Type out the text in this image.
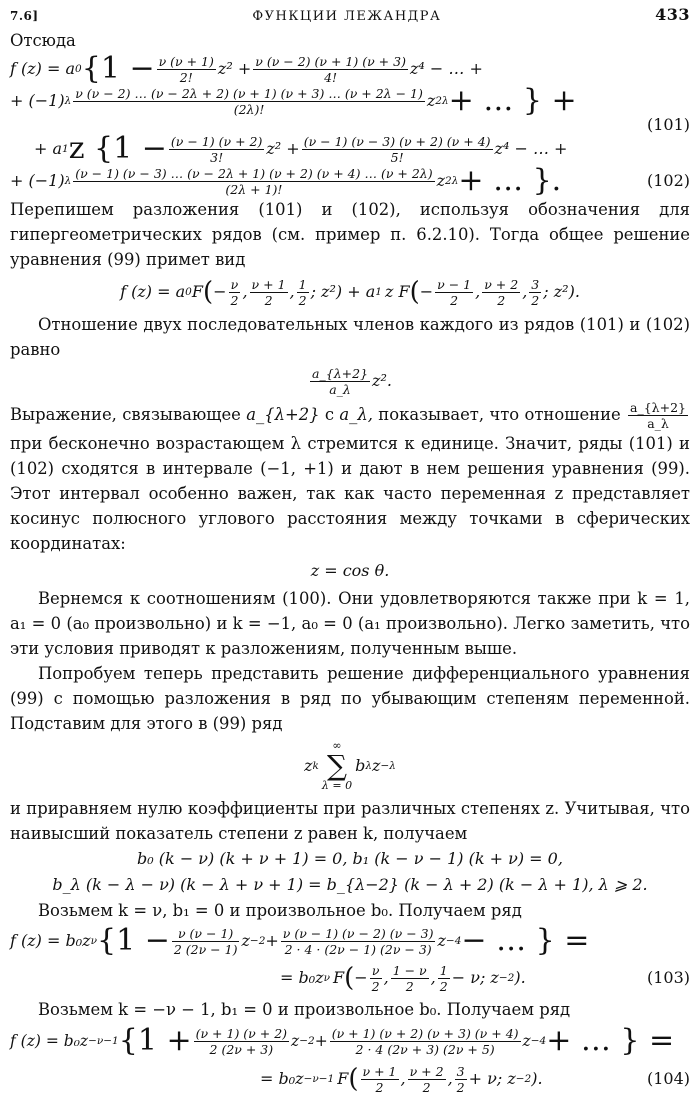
7.6]	ФУНКЦИИ ЛЕЖАНДРА	433

Отсюда

f (z) = a 0 {$1 - \frac{\nu (\nu + 1)}{2!} z^2 + \frac{\nu (\nu - 2) (\nu + 1) (\nu + 3)}{4!} z^4$ − … +
+ (−1) λ $\frac{\nu (\nu - 2) \dots (\nu - 2\lambda + 2) (\nu + 1) (\nu + 3) \dots (\nu + 2\lambda - 1)}{(2\lambda)!}$ z 2λ + … } +
(101)
+ a 1 z {$1 - \frac{(\nu - 1) (\nu + 2)}{3!} z^2 + \frac{(\nu - 1) (\nu - 3) (\nu + 2) (\nu + 4)}{5!} z^4$ − … +
+ (−1) λ $\frac{(\nu - 1) (\nu - 3) \dots (\nu - 2\lambda + 1) (\nu + 2) (\nu + 4) \dots (\nu + 2\lambda)}{(2\lambda + 1)!}$ z 2λ + … }.	(102)

Перепишем разложения (101) и (102), используя обозначения для гипергеометрических рядов (см. пример п. 6.2.10). Тогда общее решение уравнения (99) примет вид

f (z) = a 0 F ( − $\frac{\nu}{2}$ , $\frac{\nu + 1}{2}$ , $\frac{1}{2}$ ; z²) + a 1 z F ( − $\frac{\nu - 1}{2}$ , $\frac{\nu + 2}{2}$ , $\frac{3}{2}$ ; z²).

Отношение двух последовательных членов каждого из рядов (101) и (102) равно

$\frac{a\_\{\lambda+2\}}{a\_\lambda} z^2$.

Выражение, связывающее a_{λ+2} с a_λ, показывает, что отношение $\frac{a\_\{\lambda+2\}}{a\_\lambda}$
при бесконечно возрастающем λ стремится к единице. Значит, ряды (101) и (102) сходятся в интервале (−1, +1) и дают в нем решения уравнения (99). Этот интервал особенно важен, так как часто переменная z представляет косинус полюсного углового расстояния между точками в сферических координатах:

z = cos θ.

Вернемся к соотношениям (100). Они удовлетворяются также при k = 1, a₁ = 0 (a₀ произвольно) и k = −1, a₀ = 0 (a₁ произвольно). Легко заметить, что эти условия приводят к разложениям, полученным выше.

Попробуем теперь представить решение дифференциального уравнения (99) с помощью разложения в ряд по убывающим степеням переменной. Подставим для этого в (99) ряд

z k
∞
∑
λ = 0
b λ z −λ

и приравняем нулю коэффициенты при различных степенях z. Учитывая, что наивысший показатель степени z равен k, получаем

b₀ (k − ν) (k + ν + 1) = 0, b₁ (k − ν − 1) (k + ν) = 0,
b_λ (k − λ − ν) (k − λ + ν + 1) = b_{λ−2} (k − λ + 2) (k − λ + 1), λ ⩾ 2.

Возьмем k = ν, b₁ = 0 и произвольное b₀. Получаем ряд

f (z) = b₀z ν {$1 - \frac{\nu (\nu - 1)}{2 (2\nu - 1)}$ $z -2 + \frac{\nu (\nu - 1) (\nu - 2) (\nu - 3)}{2 \cdot 4 \cdot (2\nu - 1) (2\nu - 3)}$ z −4 − … } =
= b₀z ν F ( − $\frac{\nu}{2}$ , $\frac{1 - \nu}{2}$ , $\frac{1}{2} - \nu$; z −2 ).	(103)

Возьмем k = −ν − 1, b₁ = 0 и произвольное b₀. Получаем ряд

f (z) = b₀z −ν−1 {$1 + \frac{(\nu + 1) (\nu + 2)}{2 (2\nu + 3)}$ $z -2 + \frac{(\nu + 1) (\nu + 2) (\nu + 3) (\nu + 4)}{2 \cdot 4 (2\nu + 3) (2\nu + 5)}$ z −4 + … } =
= b₀z −ν−1 F ( $\frac{\nu + 1}{2}$ , $\frac{\nu + 2}{2}$ , $\frac{3}{2} + \nu$; z −2 ).	(104)
